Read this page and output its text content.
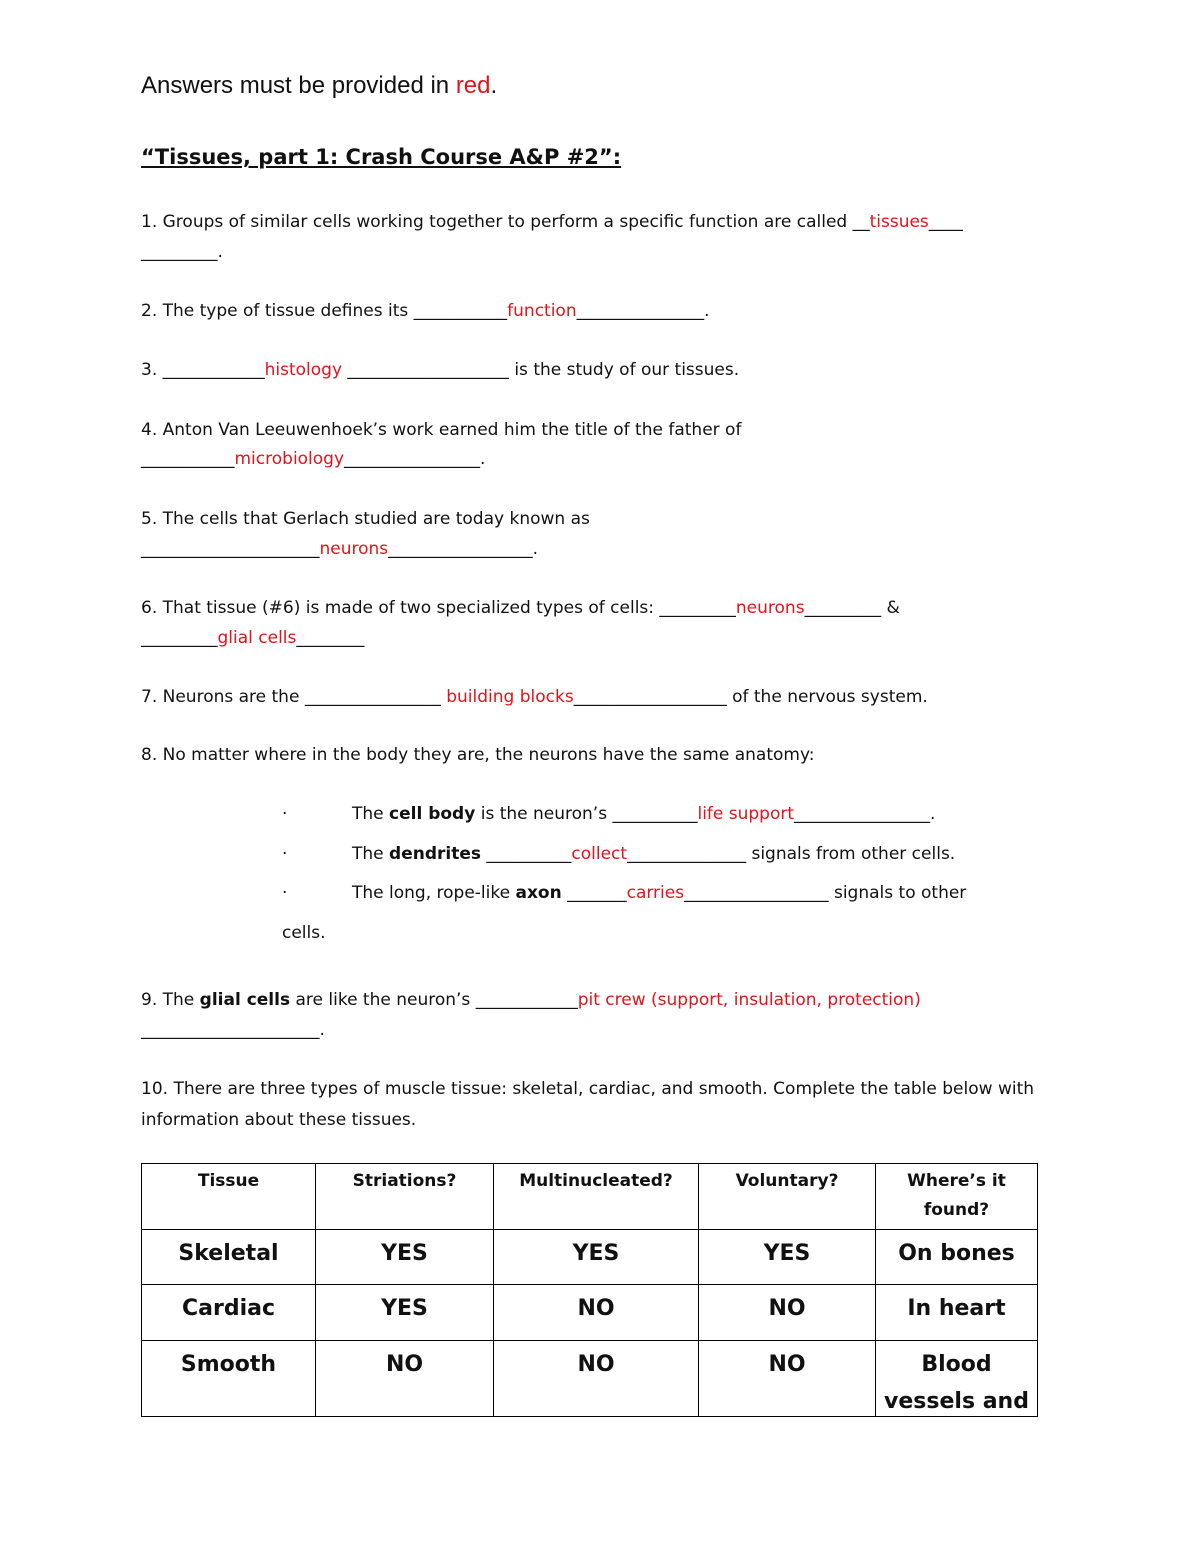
Answers must be provided in red.
“Tissues, part 1: Crash Course A&P #2”:
1. Groups of similar cells working together to perform a specific function are called __tissues____
_________.
2. The type of tissue defines its ___________function_______________.
3. ____________histology ___________________ is the study of our tissues.
4. Anton Van Leeuwenhoek’s work earned him the title of the father of
___________microbiology________________.
5. The cells that Gerlach studied are today known as
_____________________neurons_________________.
6. That tissue (#6) is made of two specialized types of cells: _________neurons_________ &
_________glial cells________
7. Neurons are the ________________ building blocks__________________ of the nervous system.
8. No matter where in the body they are, the neurons have the same anatomy:
·	The cell body is the neuron’s __________life support________________.
·	The dendrites __________collect______________ signals from other cells.
·	The long, rope-like axon _______carries_________________ signals to other
cells.
9. The glial cells are like the neuron’s ____________pit crew (support, insulation, protection)
_____________________.
10. There are three types of muscle tissue: skeletal, cardiac, and smooth. Complete the table below with
information about these tissues.
Tissue	Striations?	Multinucleated?	Voluntary?	Where’s it found?
Skeletal	YES	YES	YES	On bones
Cardiac	YES	NO	NO	In heart
Smooth	NO	NO	NO	Blood vessels and
